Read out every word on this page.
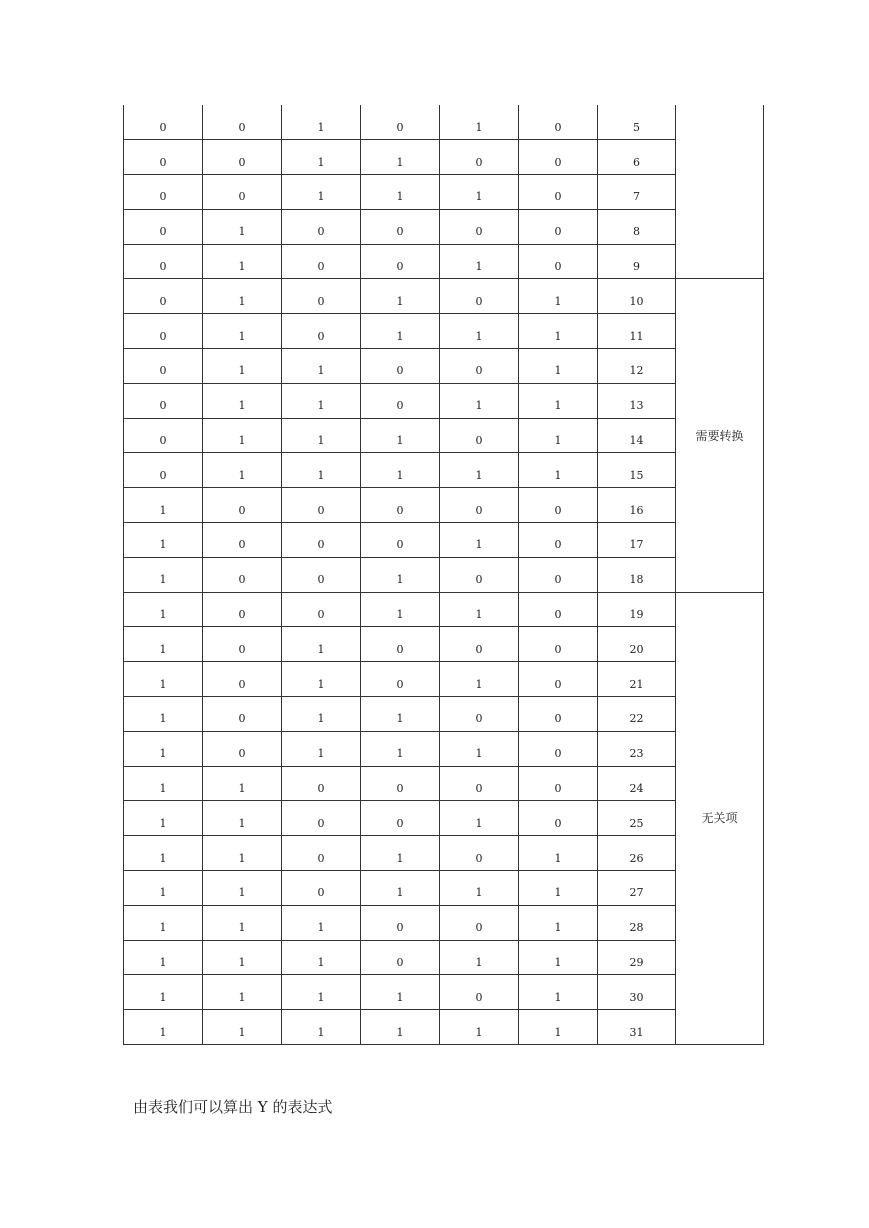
0	0	1	0	1	0	5	
0	0	1	1	0	0	6	
0	0	1	1	1	0	7	
0	1	0	0	0	0	8	
0	1	0	0	1	0	9	
0	1	0	1	0	1	10	需要转换
0	1	0	1	1	1	11	
0	1	1	0	0	1	12	
0	1	1	0	1	1	13	
0	1	1	1	0	1	14	
0	1	1	1	1	1	15	
1	0	0	0	0	0	16	
1	0	0	0	1	0	17	
1	0	0	1	0	0	18	
1	0	0	1	1	0	19	无关项
1	0	1	0	0	0	20	
1	0	1	0	1	0	21	
1	0	1	1	0	0	22	
1	0	1	1	1	0	23	
1	1	0	0	0	0	24	
1	1	0	0	1	0	25	
1	1	0	1	0	1	26	
1	1	0	1	1	1	27	
1	1	1	0	0	1	28	
1	1	1	0	1	1	29	
1	1	1	1	0	1	30	
1	1	1	1	1	1	31	

由表我们可以算出 Y 的表达式
